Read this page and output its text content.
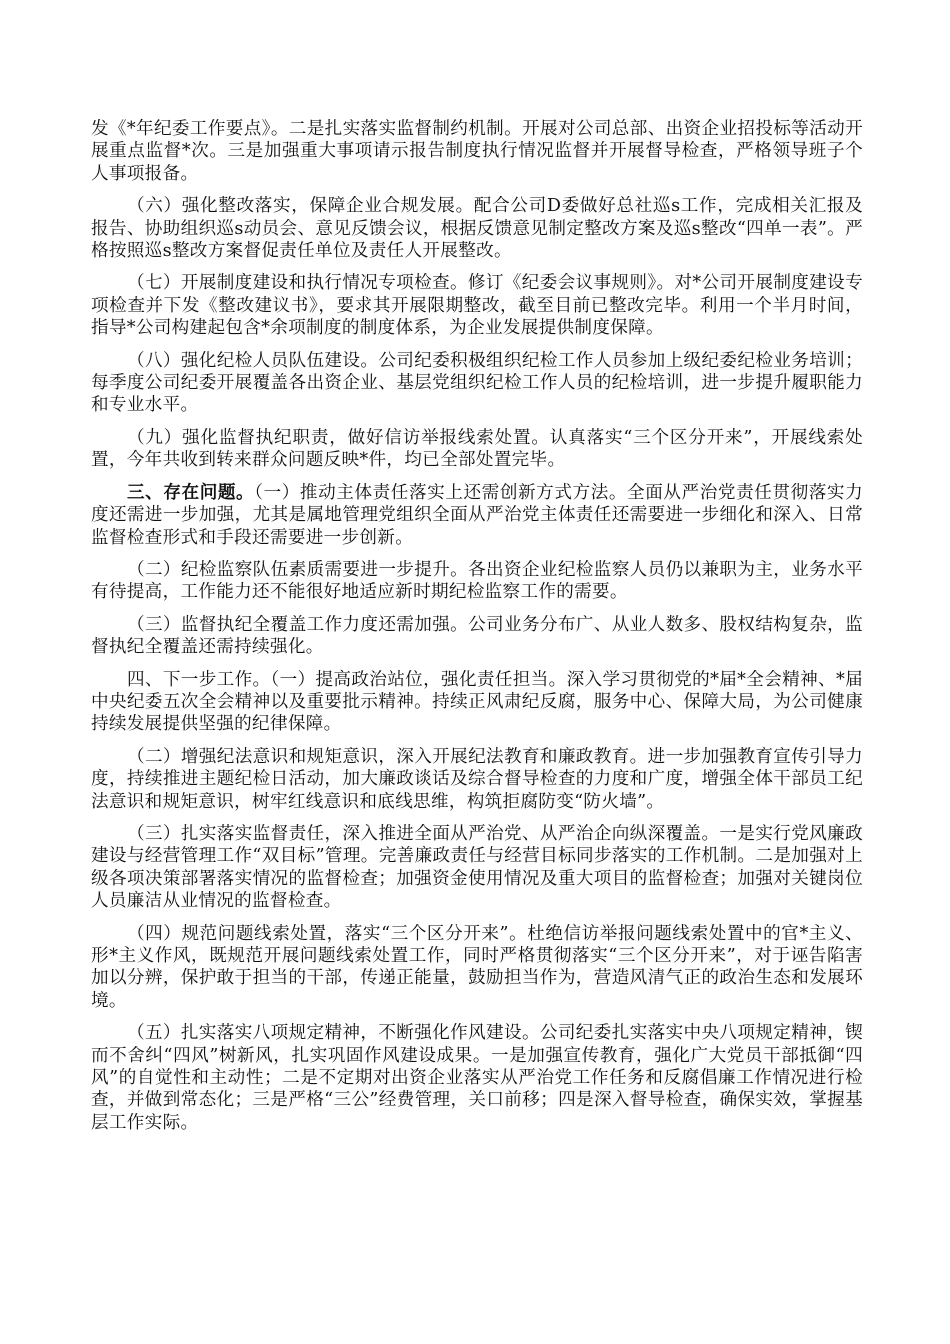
发《*年纪委工作要点》。二是扎实落实监督制约机制。开展对公司总部、出资企业招投标等活动开展重点监督*次。三是加强重大事项请示报告制度执行情况监督并开展督导检查，严格领导班子个人事项报备。

（六）强化整改落实，保障企业合规发展。配合公司D委做好总社巡s工作，完成相关汇报及报告、协助组织巡s动员会、意见反馈会议，根据反馈意见制定整改方案及巡s整改“四单一表”。严格按照巡s整改方案督促责任单位及责任人开展整改。

（七）开展制度建设和执行情况专项检查。修订《纪委会议事规则》。对*公司开展制度建设专项检查并下发《整改建议书》，要求其开展限期整改，截至目前已整改完毕。利用一个半月时间，指导*公司构建起包含*余项制度的制度体系，为企业发展提供制度保障。

（八）强化纪检人员队伍建设。公司纪委积极组织纪检工作人员参加上级纪委纪检业务培训；每季度公司纪委开展覆盖各出资企业、基层党组织纪检工作人员的纪检培训，进一步提升履职能力和专业水平。

（九）强化监督执纪职责，做好信访举报线索处置。认真落实“三个区分开来”，开展线索处置，今年共收到转来群众问题反映*件，均已全部处置完毕。

三、存在问题。（一）推动主体责任落实上还需创新方式方法。全面从严治党责任贯彻落实力度还需进一步加强，尤其是属地管理党组织全面从严治党主体责任还需要进一步细化和深入、日常监督检查形式和手段还需要进一步创新。

（二）纪检监察队伍素质需要进一步提升。各出资企业纪检监察人员仍以兼职为主，业务水平有待提高，工作能力还不能很好地适应新时期纪检监察工作的需要。

（三）监督执纪全覆盖工作力度还需加强。公司业务分布广、从业人数多、股权结构复杂，监督执纪全覆盖还需持续强化。

四、下一步工作。（一）提高政治站位，强化责任担当。深入学习贯彻党的*届*全会精神、*届中央纪委五次全会精神以及重要批示精神。持续正风肃纪反腐，服务中心、保障大局，为公司健康持续发展提供坚强的纪律保障。

（二）增强纪法意识和规矩意识，深入开展纪法教育和廉政教育。进一步加强教育宣传引导力度，持续推进主题纪检日活动，加大廉政谈话及综合督导检查的力度和广度，增强全体干部员工纪法意识和规矩意识，树牢红线意识和底线思维，构筑拒腐防变“防火墙”。

（三）扎实落实监督责任，深入推进全面从严治党、从严治企向纵深覆盖。一是实行党风廉政建设与经营管理工作“双目标”管理。完善廉政责任与经营目标同步落实的工作机制。二是加强对上级各项决策部署落实情况的监督检查；加强资金使用情况及重大项目的监督检查；加强对关键岗位人员廉洁从业情况的监督检查。

（四）规范问题线索处置，落实“三个区分开来”。杜绝信访举报问题线索处置中的官*主义、形*主义作风，既规范开展问题线索处置工作，同时严格贯彻落实“三个区分开来”，对于诬告陷害加以分辨，保护敢于担当的干部，传递正能量，鼓励担当作为，营造风清气正的政治生态和发展环境。

（五）扎实落实八项规定精神，不断强化作风建设。公司纪委扎实落实中央八项规定精神，锲而不舍纠“四风”树新风，扎实巩固作风建设成果。一是加强宣传教育，强化广大党员干部抵御“四风”的自觉性和主动性；二是不定期对出资企业落实从严治党工作任务和反腐倡廉工作情况进行检查，并做到常态化；三是严格“三公”经费管理，关口前移；四是深入督导检查，确保实效，掌握基层工作实际。
